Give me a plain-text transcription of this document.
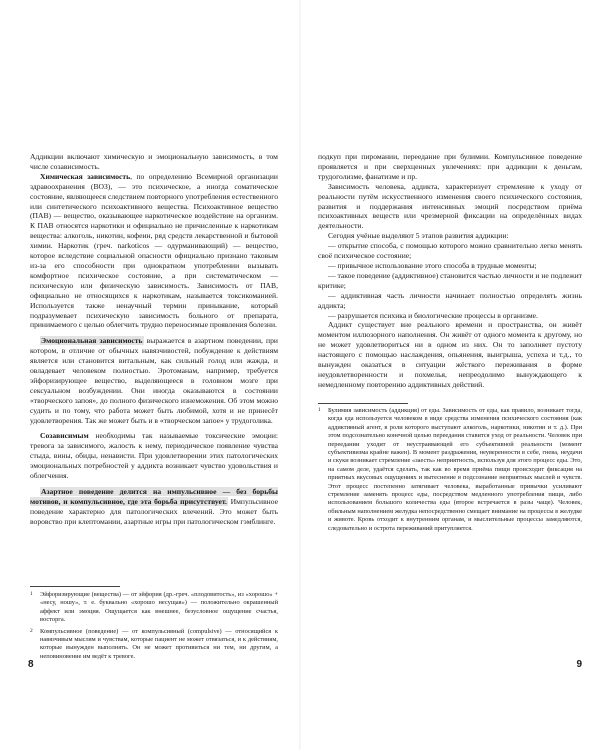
Аддикции включают химическую и эмоциональную зависимость, в том числе созависимость.

Химическая зависимость, по определению Всемирной организации здравоохранения (ВОЗ), — это психическое, а иногда соматическое состояние, являющееся следствием повторного употребления естественного или синтетического психоактивного вещества. Психоактивное вещество (ПАВ) — вещество, оказывающее наркотическое воздействие на организм. К ПАВ относятся наркотики и официально не причисленные к наркотикам вещества: алкоголь, никотин, кофеин, ряд средств лекарственной и бытовой химии. Наркотик (греч. narkoticos — одурманивающий) — вещество, которое вследствие социальной опасности официально признано таковым из-за его способности при однократном употреблении вызывать комфортное психическое состояние, а при систематическом — психическую или физическую зависимость. Зависимость от ПАВ, официально не относящихся к наркотикам, называется токсикоманией. Используется также ненаучный термин приныкание, который подразумевает психическую зависимость больного от препарата, принимаемого с целью облегчить трудно переносимые проявления болезни.

Эмоциональная зависимость выражается в азартном поведении, при котором, в отличие от обычных навязчивостей, побуждение к действиям является или становится витальным, как сильный голод или жажда, и овладевает человеком полностью. Эротоманам, например, требуется эйфоризирующее вещество, выделяющееся в головном мозге при сексуальном возбуждении. Они иногда оказываются в состоянии «творческого запоя», до полного физического изнеможения. Об этом можно судить и по тому, что работа может быть любимой, хотя и не принесёт удовлетворения. Так же может быть и в «творческом запое» у трудоголика.

Созависимым необходимы так называемые токсические эмоции: тревога за зависимого, жалость к нему, периодическое появление чувства стыда, вины, обиды, ненависти. При удовлетворении этих патологических эмоциональных потребностей у аддикта возникает чувство удовольствия и облегчения.

Азартное поведение делится на импульсивное — без борьбы мотивов, и компульсивное, где эта борьба присутствует. Импульсивное поведение характерно для патологических влечений. Это может быть воровство при клептомании, азартные игры при патологическом гэмблинге.

1 Эйфоризирующие (вещества) — от эйфория (др.-греч. «плодовитость», из «хорошо» + «несу, ношу», т. е. буквально «хорошо несущая») — положительно окрашенный аффект или эмоция. Ощущается как внешнее, безусловное ощущение счастья, восторга.
2 Компульсивное (поведение) — от компульсивный (compulsive) — относящийся к навязчивым мыслям и чувствам, которые пациент не может отвязаться, и к действиям, которые вынужден выполнять. Он не может противиться ни тем, ни другим, а неповиновение им ведёт к тревоге.
8

подкуп при пиромании, переедание при булимии. Компульсивное поведение проявляется и при сверхценных увлечениях: при аддикции к деньгам, трудоголизме, фанатизме и пр.

Зависимость человека, аддикта, характеризует стремление к уходу от реальности путём искусственного изменения своего психического состояния, развития и поддержания интенсивных эмоций посредством приёма психоактивных веществ или чрезмерной фиксации на определённых видах деятельности.

Сегодня учёные выделяют 5 этапов развития аддикции:

— открытие способа, с помощью которого можно сравнительно легко менять своё психическое состояние;

— привычное использование этого способа в трудные моменты;

— такое поведение (аддиктивное) становится частью личности и не подлежит критике;

— аддиктивная часть личности начинает полностью определять жизнь аддикта;

— разрушается психика и биологические процессы в организме.

Аддикт существует вне реального времени и пространства, он живёт моментом иллюзорного наполнения. Он живёт от одного момента к другому, но не может удовлетвориться ни в одном из них. Он то заполняет пустоту настоящего с помощью наслаждения, опьянения, выигрыша, успеха и т.д., то вынужден оказаться в ситуации жёсткого переживания в форме неудовлетворенности и похмелья, непреодолимо вынуждающего к немедленному повторению аддиктивных действий.

1 Булимия зависимость (аддикция) от еды. Зависимость от еды, как правило, возникает тогда, когда еда используется человеком в виде средства изменения психического состояния (как аддиктивный агент, в роли которого выступают алкоголь, наркотики, никотин и т. д.). При этом подсознательно конечной целью переедания ставится уход от реальности. Человек при переедании уходит от неустраивающей его субъективной реальности (момент субъективизма крайне важен). В момент раздражения, неуверенности в себе, гнева, неудачи и скуки возникает стремление «заесть» неприятность, используя для этого процесс еды. Это, на самом деле, удаётся сделать, так как во время приёма пищи происходит фиксация на приятных вкусовых ощущениях и вытеснение в подсознание неприятных мыслей и чувств. Этот процесс постепенно затягивает человека, выработанные привычки усиливают стремление заменять процесс еды, посредством медленного употребления пищи, либо использованием большого количества еды (второе встречается в разы чаще). Человек, обильным наполнением желудка непосредственно смещает внимание на процессы в желудке и животе. Кровь отходит к внутренним органам, и мыслительные процессы замедляются, следовательно и острота переживаний притупляется.
9
